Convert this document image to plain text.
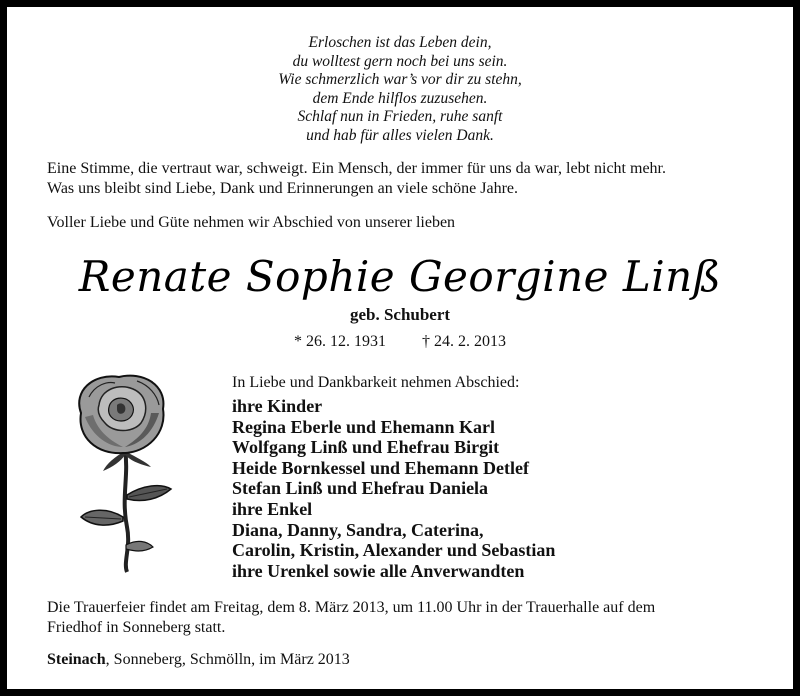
Erloschen ist das Leben dein,
du wolltest gern noch bei uns sein.
Wie schmerzlich war’s vor dir zu stehn,
dem Ende hilflos zuzusehen.
Schlaf nun in Frieden, ruhe sanft
und hab für alles vielen Dank.
Eine Stimme, die vertraut war, schweigt. Ein Mensch, der immer für uns da war, lebt nicht mehr.
Was uns bleibt sind Liebe, Dank und Erinnerungen an viele schöne Jahre.
Voller Liebe und Güte nehmen wir Abschied von unserer lieben
Renate Sophie Georgine Linß
geb. Schubert
* 26. 12. 1931 † 24. 2. 2013
In Liebe und Dankbarkeit nehmen Abschied:
ihre Kinder
Regina Eberle und Ehemann Karl
Wolfgang Linß und Ehefrau Birgit
Heide Bornkessel und Ehemann Detlef
Stefan Linß und Ehefrau Daniela
ihre Enkel
Diana, Danny, Sandra, Caterina,
Carolin, Kristin, Alexander und Sebastian
ihre Urenkel sowie alle Anverwandten
Die Trauerfeier findet am Freitag, dem 8. März 2013, um 11.00 Uhr in der Trauerhalle auf dem
Friedhof in Sonneberg statt.
Steinach, Sonneberg, Schmölln, im März 2013
